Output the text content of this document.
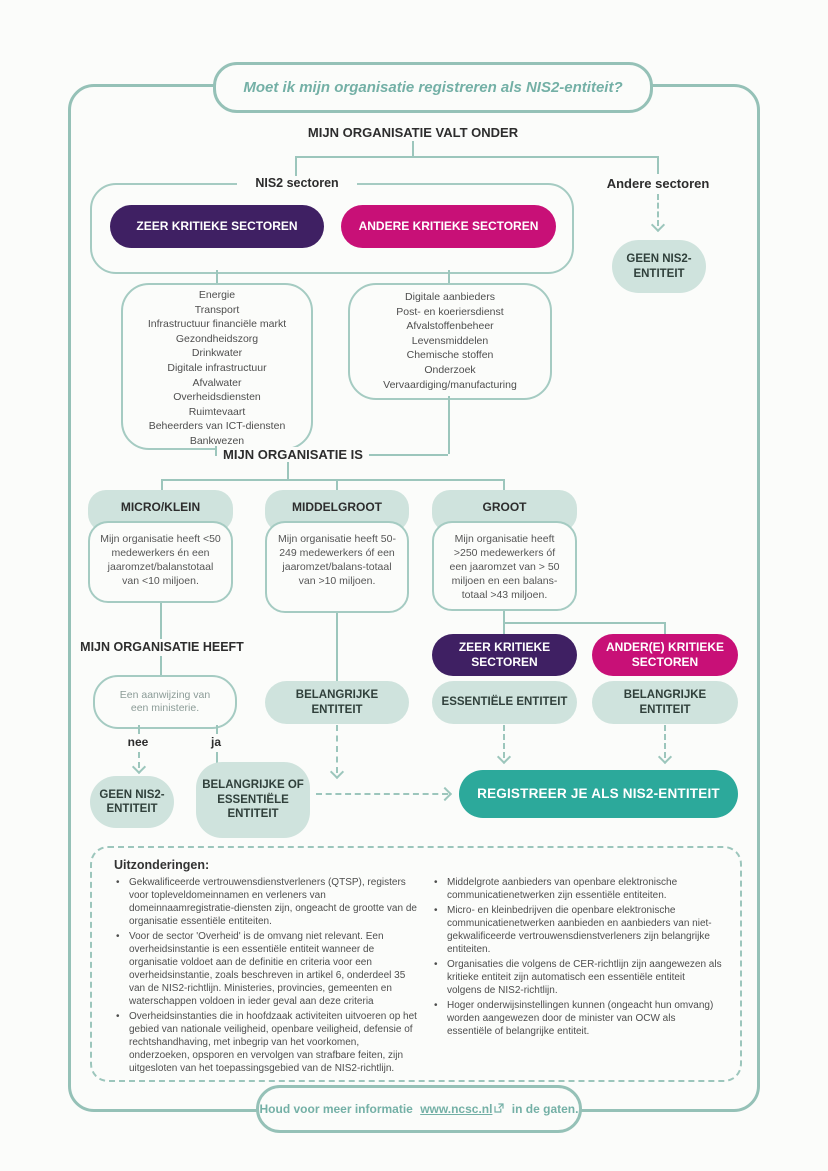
Moet ik mijn organisatie registreren als NIS2-entiteit?
MIJN ORGANISATIE VALT ONDER
NIS2 sectoren
ZEER KRITIEKE SECTOREN	ANDERE KRITIEKE SECTOREN
Andere sectoren
GEEN NIS2-ENTITEIT
Energie
Transport
Infrastructuur financiële markt
Gezondheidszorg
Drinkwater
Digitale infrastructuur
Afvalwater
Overheidsdiensten
Ruimtevaart
Beheerders van ICT-diensten
Bankwezen
Digitale aanbieders
Post- en koeriersdienst
Afvalstoffenbeheer
Levensmiddelen
Chemische stoffen
Onderzoek
Vervaardiging/manufacturing
MIJN ORGANISATIE IS
MICRO/KLEIN
Mijn organisatie heeft <50 medewerkers én een jaaromzet/balanstotaal van <10 miljoen.
MIDDELGROOT
Mijn organisatie heeft 50-249 medewerkers óf een jaaromzet/balans-totaal van >10 miljoen.
GROOT
Mijn organisatie heeft >250 medewerkers óf een jaaromzet van > 50 miljoen en een balans-totaal >43 miljoen.
MIJN ORGANISATIE HEEFT
Een aanwijzing van een ministerie.
nee	ja
GEEN NIS2-ENTITEIT
BELANGRIJKE OF ESSENTIËLE ENTITEIT
BELANGRIJKE ENTITEIT
ZEER KRITIEKE SECTOREN
ANDER(E) KRITIEKE SECTOREN
ESSENTIËLE ENTITEIT
BELANGRIJKE ENTITEIT
REGISTREER JE ALS NIS2-ENTITEIT
Uitzonderingen:
• Gekwalificeerde vertrouwensdienstverleners (QTSP), registers voor topleveldomeinnamen en verleners van domeinnaamregistratie-diensten zijn, ongeacht de grootte van de organisatie essentiële entiteiten.
• Voor de sector 'Overheid' is de omvang niet relevant. Een overheidsinstantie is een essentiële entiteit wanneer de organisatie voldoet aan de definitie en criteria voor een overheidsinstantie, zoals beschreven in artikel 6, onderdeel 35 van de NIS2-richtlijn. Ministeries, provincies, gemeenten en waterschappen voldoen in ieder geval aan deze criteria
• Overheidsinstanties die in hoofdzaak activiteiten uitvoeren op het gebied van nationale veiligheid, openbare veiligheid, defensie of rechtshandhaving, met inbegrip van het voorkomen, onderzoeken, opsporen en vervolgen van strafbare feiten, zijn uitgesloten van het toepassingsgebied van de NIS2-richtlijn.
• Middelgrote aanbieders van openbare elektronische communicatienetwerken zijn essentiële entiteiten.
• Micro- en kleinbedrijven die openbare elektronische communicatienetwerken aanbieden en aanbieders van niet-gekwalificeerde vertrouwensdienstverleners zijn belangrijke entiteiten.
• Organisaties die volgens de CER-richtlijn zijn aangewezen als kritieke entiteit zijn automatisch een essentiële entiteit volgens de NIS2-richtlijn.
• Hoger onderwijsinstellingen kunnen (ongeacht hun omvang) worden aangewezen door de minister van OCW als essentiële of belangrijke entiteit.
Houd voor meer informatie
www.ncsc.nl
in de gaten.
